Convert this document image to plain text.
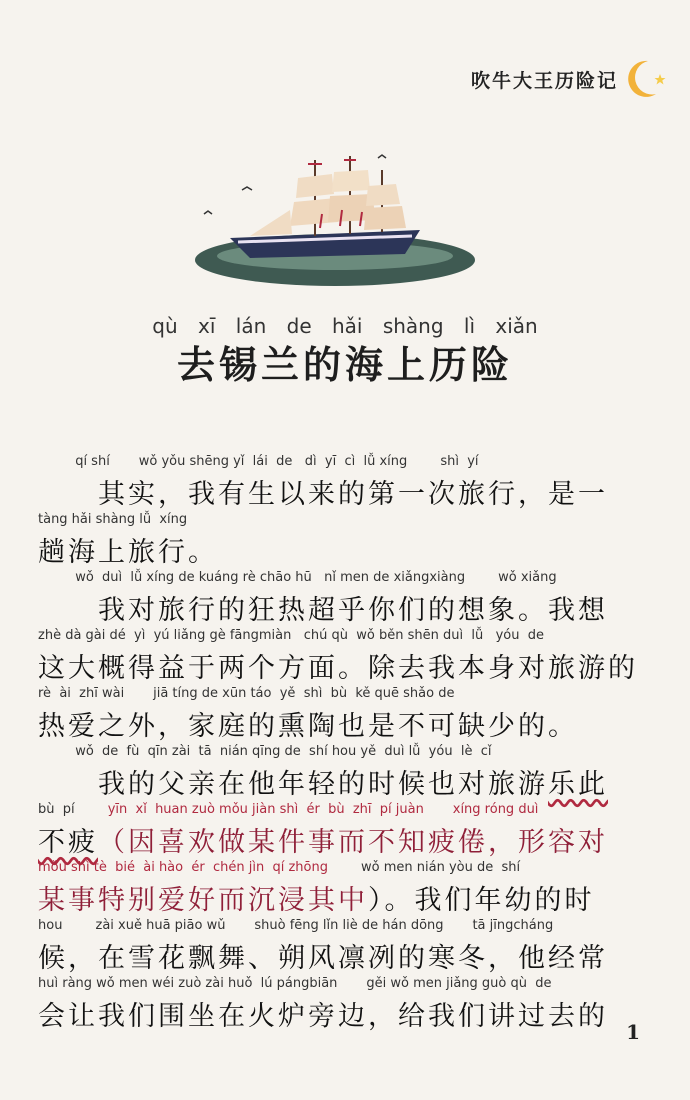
吹牛大王历险记
qù xī lán de hǎi shàng lì xiǎn
去锡兰的海上历险
qí shí       wǒ yǒu shēng yǐ  lái  de   dì  yī  cì  lǚ xíng        shì  yí
　　其实，我有生以来的第一次旅行，是一
tàng hǎi shàng lǚ  xíng
趟海上旅行。
wǒ  duì  lǚ xíng de kuáng rè chāo hū   nǐ men de xiǎngxiàng        wǒ xiǎng
　　我对旅行的狂热超乎你们的想象。我想
zhè dà gài dé  yì  yú liǎng gè fāngmiàn   chú qù  wǒ běn shēn duì  lǚ   yóu  de
这大概得益于两个方面。除去我本身对旅游的
rè  ài  zhī wài       jiā tíng de xūn táo  yě  shì  bù  kě quē shǎo de
热爱之外，家庭的熏陶也是不可缺少的。
wǒ  de  fù  qīn zài  tā  nián qīng de  shí hou yě  duì lǚ  yóu  lè  cǐ
　　我的父亲在他年轻的时候也对旅游乐此
bù  pí        yīn  xǐ  huan zuò mǒu jiàn shì  ér  bù  zhī  pí juàn       xíng róng duì
不疲（因喜欢做某件事而不知疲倦，形容对
mǒu shì tè  bié  ài hào  ér  chén jìn  qí zhōng        wǒ men nián yòu de  shí
某事特别爱好而沉浸其中）。我们年幼的时
hou        zài xuě huā piāo wǔ       shuò fēng lǐn liè de hán dōng       tā jīngcháng
候，在雪花飘舞、朔风凛冽的寒冬，他经常
huì ràng wǒ men wéi zuò zài huǒ  lú pángbiān       gěi wǒ men jiǎng guò qù  de
会让我们围坐在火炉旁边，给我们讲过去的 1
